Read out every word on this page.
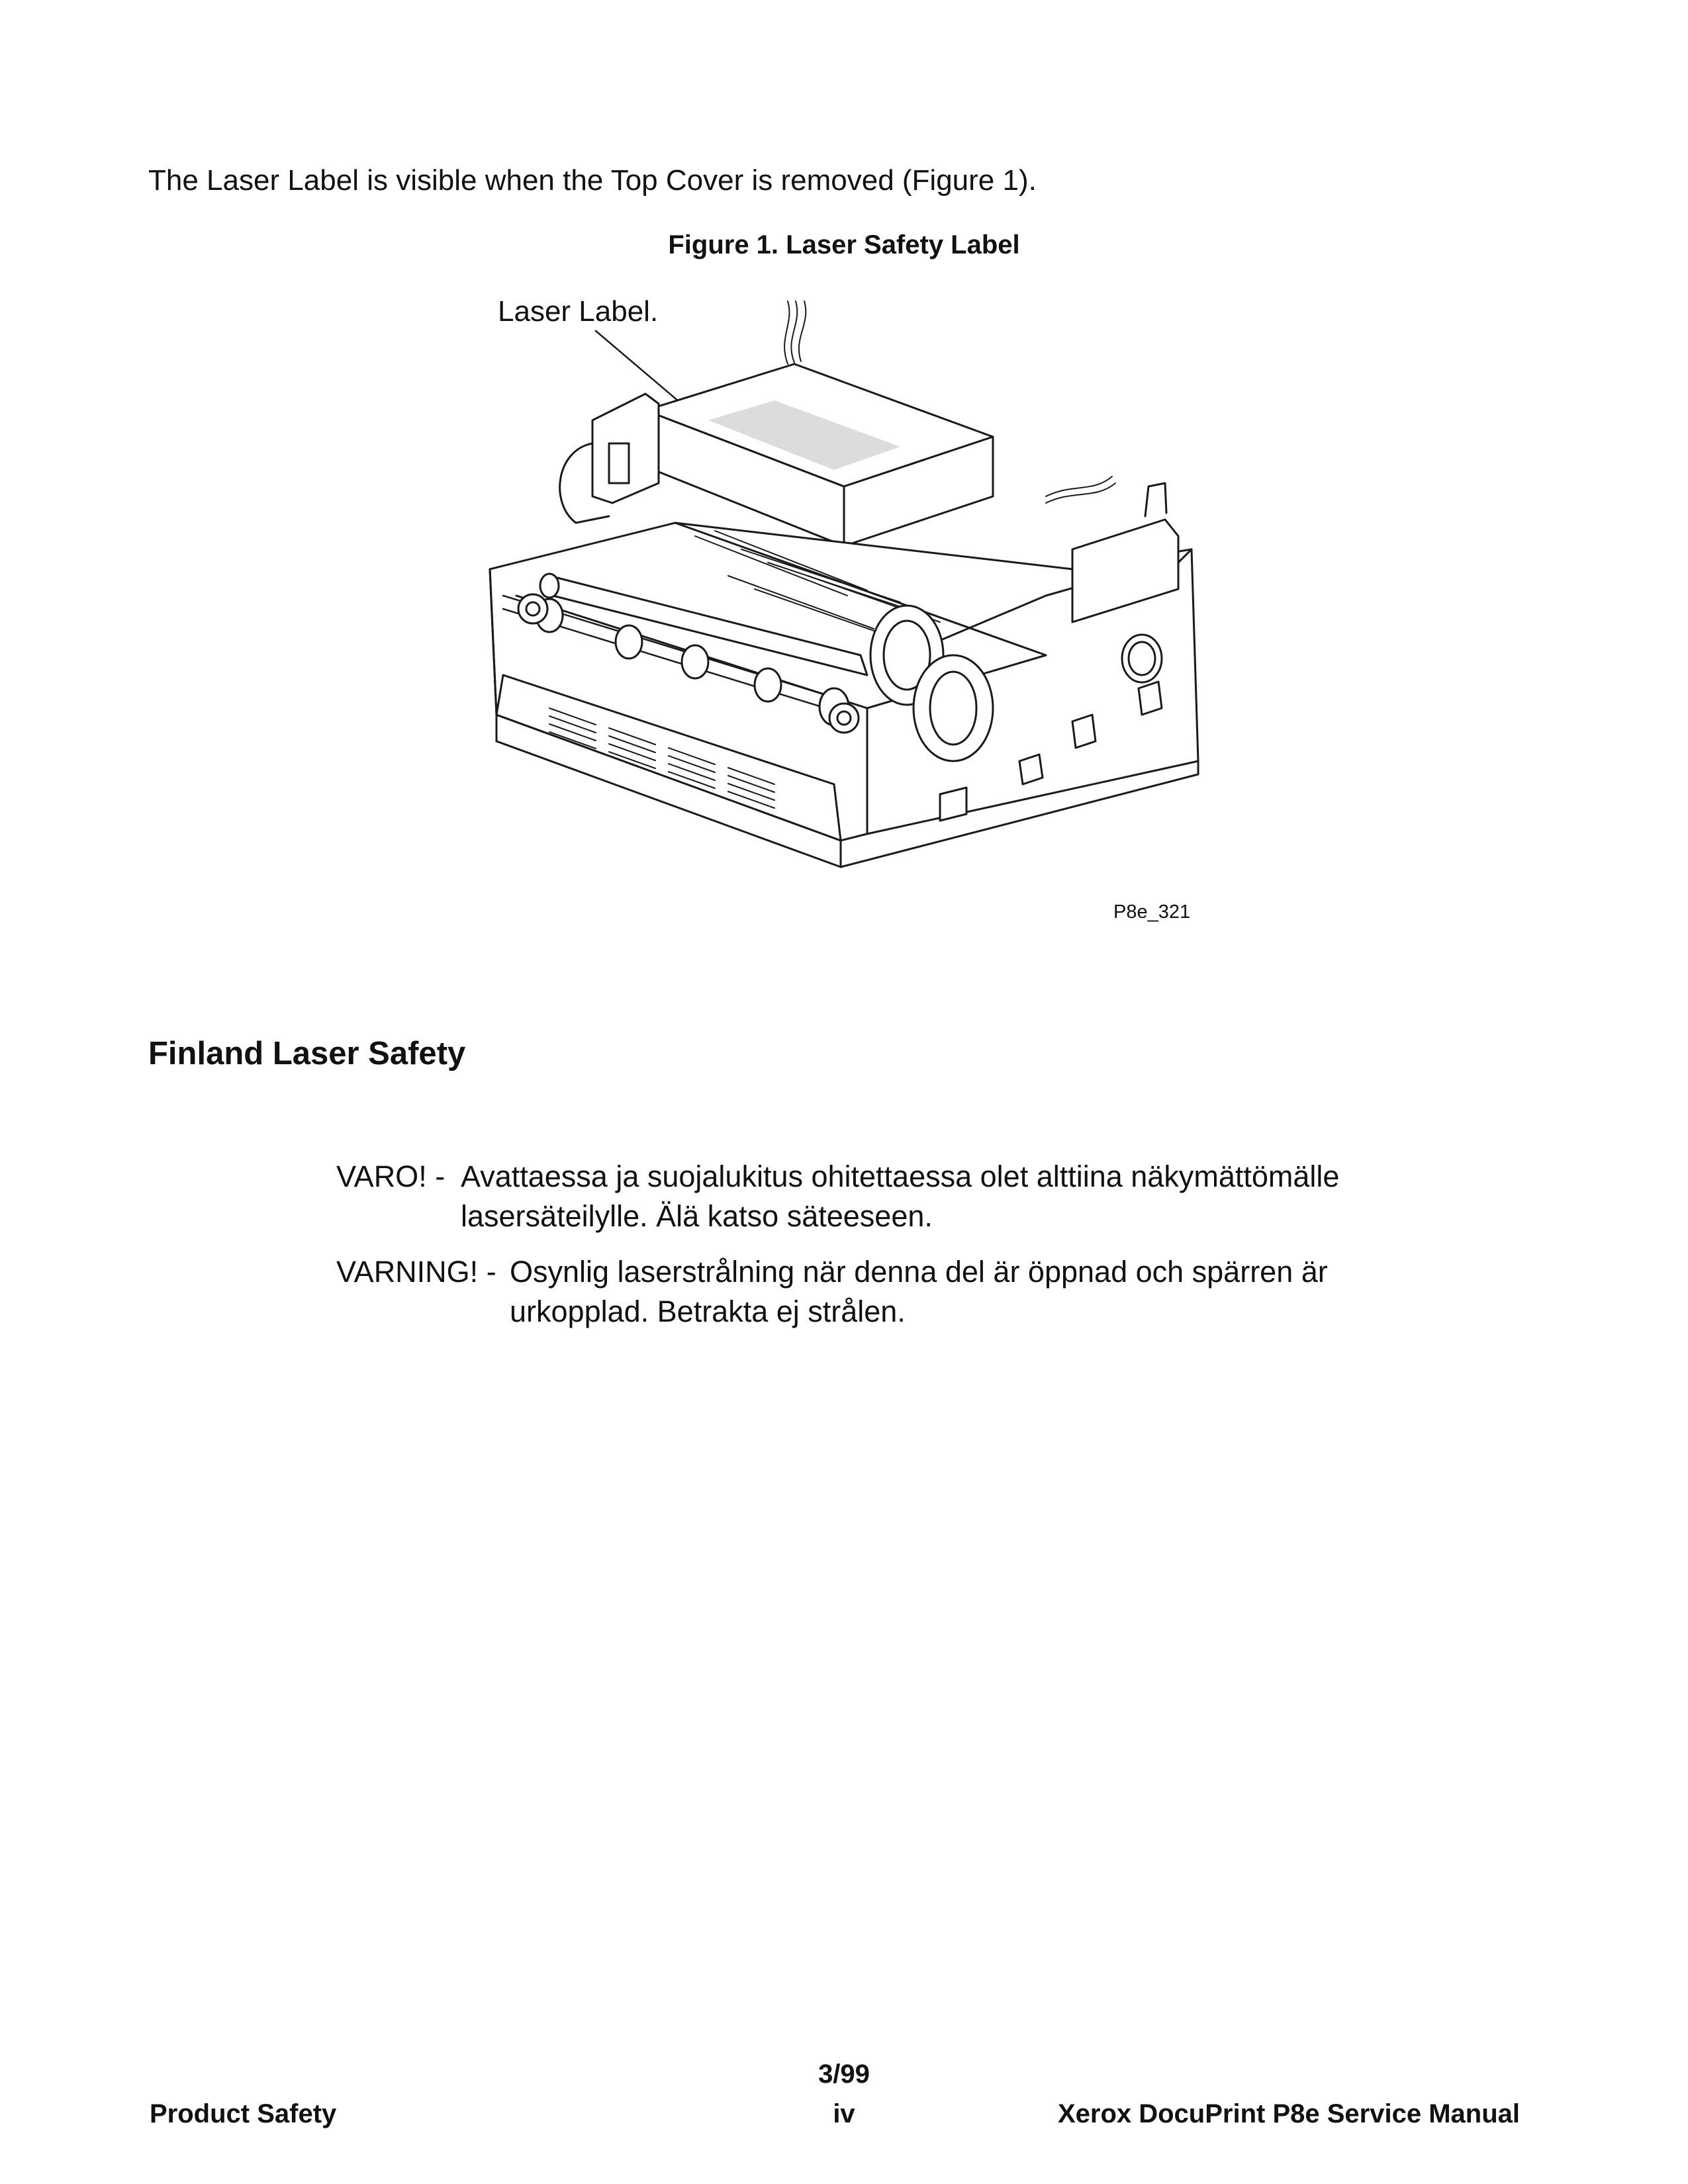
The Laser Label is visible when the Top Cover is removed (Figure 1).
Figure 1. Laser Safety Label
Laser Label.
P8e_321
Finland Laser Safety
VARO! - Avattaessa ja suojalukitus ohitettaessa olet alttiina näkymättömälle
lasersäteilylle. Älä katso säteeseen.
VARNING! - Osynlig laserstrålning när denna del är öppnad och spärren är
urkopplad. Betrakta ej strålen.
3/99
Product Safety	iv	Xerox DocuPrint P8e Service Manual
